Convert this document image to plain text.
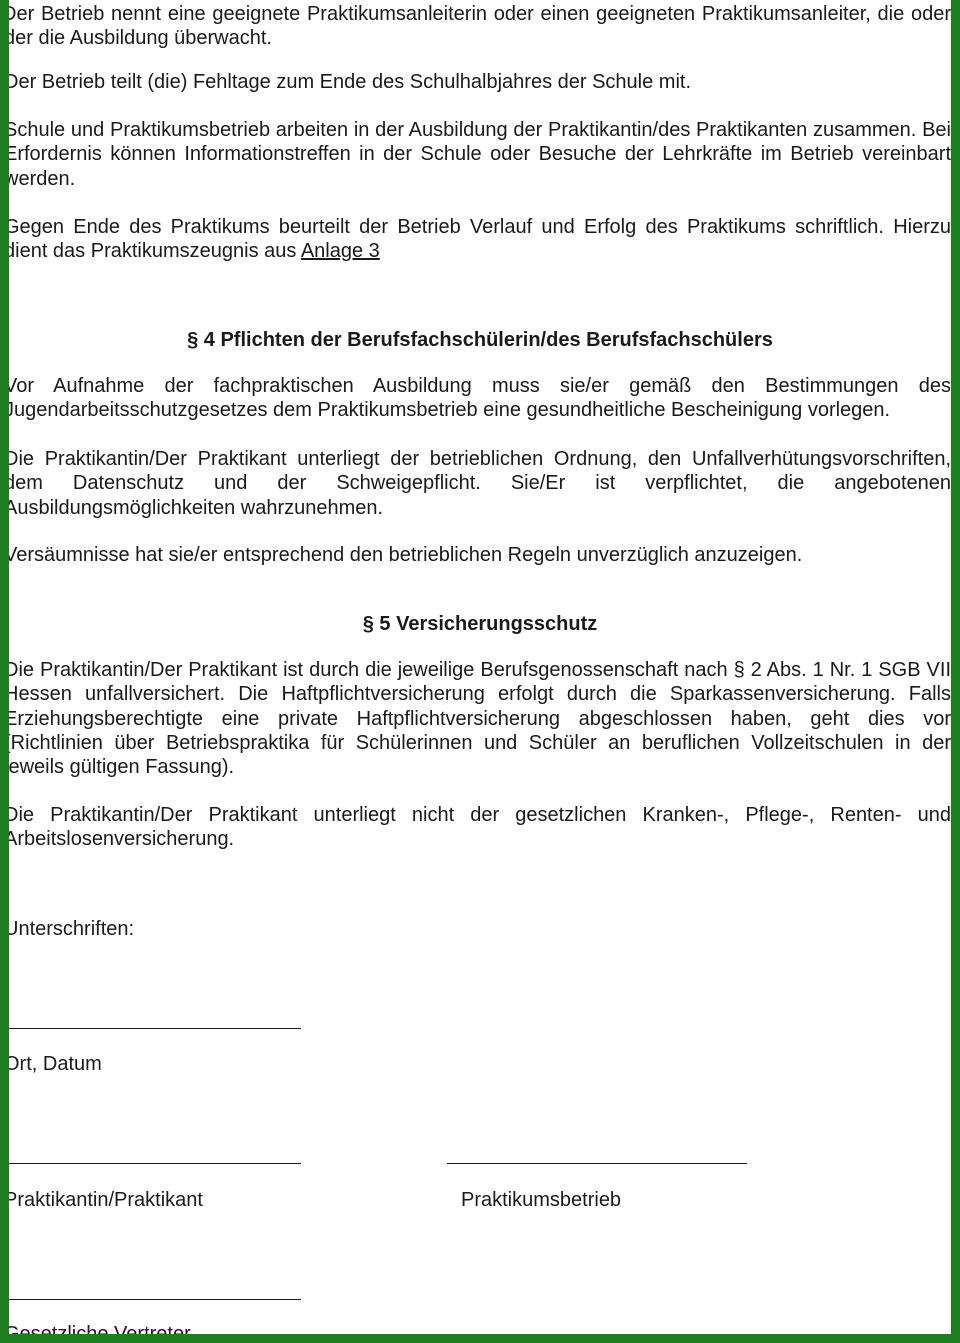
Der Betrieb nennt eine geeignete Praktikumsanleiterin oder einen geeigneten Praktikumsanleiter, die oder der die Ausbildung überwacht.

Der Betrieb teilt (die) Fehltage zum Ende des Schulhalbjahres der Schule mit.

Schule und Praktikumsbetrieb arbeiten in der Ausbildung der Praktikantin/des Praktikanten zusammen. Bei Erfordernis können Informationstreffen in der Schule oder Besuche der Lehrkräfte im Betrieb vereinbart werden.

Gegen Ende des Praktikums beurteilt der Betrieb Verlauf und Erfolg des Praktikums schriftlich. Hierzu dient das Praktikumszeugnis aus Anlage 3

§ 4 Pflichten der Berufsfachschülerin/des Berufsfachschülers

Vor Aufnahme der fachpraktischen Ausbildung muss sie/er gemäß den Bestimmungen des Jugendarbeitsschutzgesetzes dem Praktikumsbetrieb eine gesundheitliche Bescheinigung vorlegen.

Die Praktikantin/Der Praktikant unterliegt der betrieblichen Ordnung, den Unfallverhütungsvorschriften, dem Datenschutz und der Schweigepflicht. Sie/Er ist verpflichtet, die angebotenen Ausbildungsmöglichkeiten wahrzunehmen.

Versäumnisse hat sie/er entsprechend den betrieblichen Regeln unverzüglich anzuzeigen.

§ 5 Versicherungsschutz

Die Praktikantin/Der Praktikant ist durch die jeweilige Berufsgenossenschaft nach § 2 Abs. 1 Nr. 1 SGB VII Hessen unfallversichert. Die Haftpflichtversicherung erfolgt durch die Sparkassenversicherung. Falls Erziehungsberechtigte eine private Haftpflichtversicherung abgeschlossen haben, geht dies vor (Richtlinien über Betriebspraktika für Schülerinnen und Schüler an beruflichen Vollzeitschulen in der jeweils gültigen Fassung).

Die Praktikantin/Der Praktikant unterliegt nicht der gesetzlichen Kranken-, Pflege-, Renten- und Arbeitslosenversicherung.

Unterschriften:
Ort, Datum
Praktikantin/Praktikant	Praktikumsbetrieb
Gesetzliche Vertreter
